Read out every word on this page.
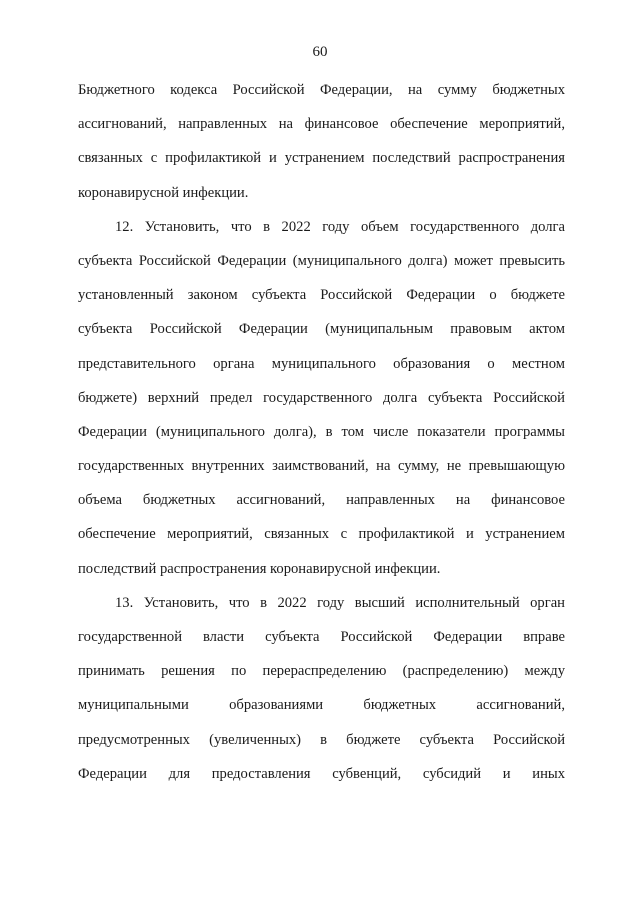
60
Бюджетного кодекса Российской Федерации, на сумму бюджетных
ассигнований, направленных на финансовое обеспечение мероприятий,
связанных с профилактикой и устранением последствий распространения
коронавирусной инфекции.
12. Установить, что в 2022 году объем государственного долга
субъекта Российской Федерации (муниципального долга) может превысить
установленный законом субъекта Российской Федерации о бюджете
субъекта Российской Федерации (муниципальным правовым актом
представительного органа муниципального образования о местном
бюджете) верхний предел государственного долга субъекта Российской
Федерации (муниципального долга), в том числе показатели программы
государственных внутренних заимствований, на сумму, не превышающую
объема бюджетных ассигнований, направленных на финансовое
обеспечение мероприятий, связанных с профилактикой и устранением
последствий распространения коронавирусной инфекции.
13. Установить, что в 2022 году высший исполнительный орган
государственной власти субъекта Российской Федерации вправе
принимать решения по перераспределению (распределению) между
муниципальными образованиями бюджетных ассигнований,
предусмотренных (увеличенных) в бюджете субъекта Российской
Федерации для предоставления субвенций, субсидий и иных
